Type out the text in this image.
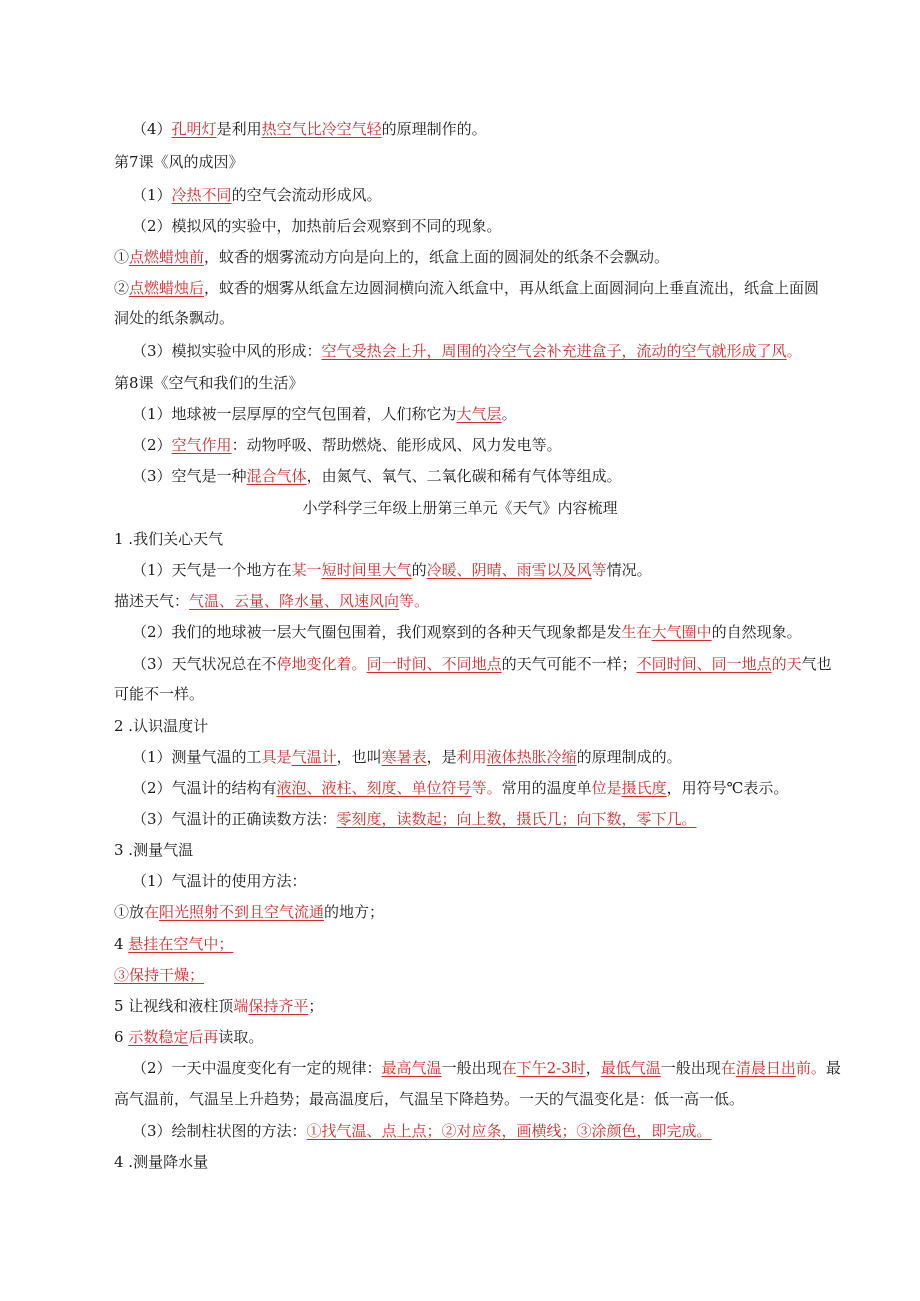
（4）孔明灯是利用热空气比冷空气轻的原理制作的。
第7课《风的成因》
（1）冷热不同的空气会流动形成风。
（2）模拟风的实验中，加热前后会观察到不同的现象。
①点燃蜡烛前，蚊香的烟雾流动方向是向上的，纸盒上面的圆洞处的纸条不会飘动。
②点燃蜡烛后，蚊香的烟雾从纸盒左边圆洞横向流入纸盒中，再从纸盒上面圆洞向上垂直流出，纸盒上面圆
洞处的纸条飘动。
（3）模拟实验中风的形成：空气受热会上升，周围的冷空气会补充进盒子，流动的空气就形成了风。
第8课《空气和我们的生活》
（1）地球被一层厚厚的空气包围着，人们称它为大气层。
（2）空气作用：动物呼吸、帮助燃烧、能形成风、风力发电等。
（3）空气是一种混合气体，由氮气、氧气、二氧化碳和稀有气体等组成。
小学科学三年级上册第三单元《天气》内容梳理
1 .我们关心天气
（1）天气是一个地方在某一短时间里大气的冷暖、阴晴、雨雪以及风等情况。
描述天气：气温、云量、降水量、风速风向等。
（2）我们的地球被一层大气圈包围着，我们观察到的各种天气现象都是发生在大气圈中的自然现象。
（3）天气状况总在不停地变化着。同一时间、不同地点的天气可能不一样；不同时间、同一地点的天气也
可能不一样。
2 .认识温度计
（1）测量气温的工具是气温计，也叫寒暑表，是利用液体热胀冷缩的原理制成的。
（2）气温计的结构有液泡、液柱、刻度、单位符号等。常用的温度单位是摄氏度，用符号℃表示。
（3）气温计的正确读数方法：零刻度，读数起；向上数，摄氏几；向下数，零下几。
3 .测量气温
（1）气温计的使用方法：
①放在阳光照射不到且空气流通的地方；
4 悬挂在空气中；
③保持干燥；
5 让视线和液柱顶端保持齐平；
6 示数稳定后再读取。
（2）一天中温度变化有一定的规律：最高气温一般出现在下午2-3时，最低气温一般出现在清晨日出前。最
高气温前，气温呈上升趋势；最高温度后，气温呈下降趋势。一天的气温变化是：低一高一低。
（3）绘制柱状图的方法：①找气温、点上点；②对应条，画横线；③涂颜色，即完成。
4 .测量降水量
